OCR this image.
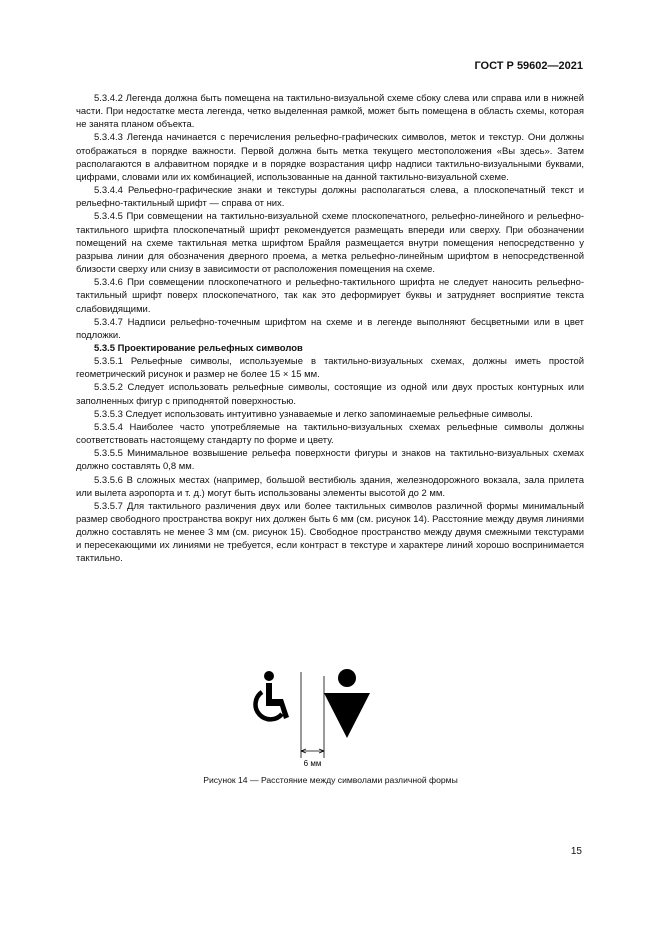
ГОСТ Р 59602—2021

5.3.4.2 Легенда должна быть помещена на тактильно-визуальной схеме сбоку слева или справа или в нижней части. При недостатке места легенда, четко выделенная рамкой, может быть помещена в область схемы, которая не занята планом объекта.

5.3.4.3 Легенда начинается с перечисления рельефно-графических символов, меток и текстур. Они должны отображаться в порядке важности. Первой должна быть метка текущего местоположения «Вы здесь». Затем располагаются в алфавитном порядке и в порядке возрастания цифр надписи тактильно-визуальными буквами, цифрами, словами или их комбинацией, использованные на данной тактильно-визуальной схеме.

5.3.4.4 Рельефно-графические знаки и текстуры должны располагаться слева, а плоскопечатный текст и рельефно-тактильный шрифт — справа от них.

5.3.4.5 При совмещении на тактильно-визуальной схеме плоскопечатного, рельефно-линейного и рельефно-тактильного шрифта плоскопечатный шрифт рекомендуется размещать впереди или сверху. При обозначении помещений на схеме тактильная метка шрифтом Брайля размещается внутри помещения непосредственно у разрыва линии для обозначения дверного проема, а метка рельефно-линейным шрифтом в непосредственной близости сверху или снизу в зависимости от расположения помещения на схеме.

5.3.4.6 При совмещении плоскопечатного и рельефно-тактильного шрифта не следует наносить рельефно-тактильный шрифт поверх плоскопечатного, так как это деформирует буквы и затрудняет восприятие текста слабовидящими.

5.3.4.7 Надписи рельефно-точечным шрифтом на схеме и в легенде выполняют бесцветными или в цвет подложки.

5.3.5 Проектирование рельефных символов

5.3.5.1 Рельефные символы, используемые в тактильно-визуальных схемах, должны иметь простой геометрический рисунок и размер не более 15 × 15 мм.

5.3.5.2 Следует использовать рельефные символы, состоящие из одной или двух простых контурных или заполненных фигур с приподнятой поверхностью.

5.3.5.3 Следует использовать интуитивно узнаваемые и легко запоминаемые рельефные символы.

5.3.5.4 Наиболее часто употребляемые на тактильно-визуальных схемах рельефные символы должны соответствовать настоящему стандарту по форме и цвету.

5.3.5.5 Минимальное возвышение рельефа поверхности фигуры и знаков на тактильно-визуальных схемах должно составлять 0,8 мм.

5.3.5.6 В сложных местах (например, большой вестибюль здания, железнодорожного вокзала, зала прилета или вылета аэропорта и т. д.) могут быть использованы элементы высотой до 2 мм.

5.3.5.7 Для тактильного различения двух или более тактильных символов различной формы минимальный размер свободного пространства вокруг них должен быть 6 мм (см. рисунок 14). Расстояние между двумя линиями должно составлять не менее 3 мм (см. рисунок 15). Свободное пространство между двумя смежными текстурами и пересекающими их линиями не требуется, если контраст в текстуре и характере линий хорошо воспринимается тактильно.

6 мм
Рисунок 14 — Расстояние между символами различной формы
15
